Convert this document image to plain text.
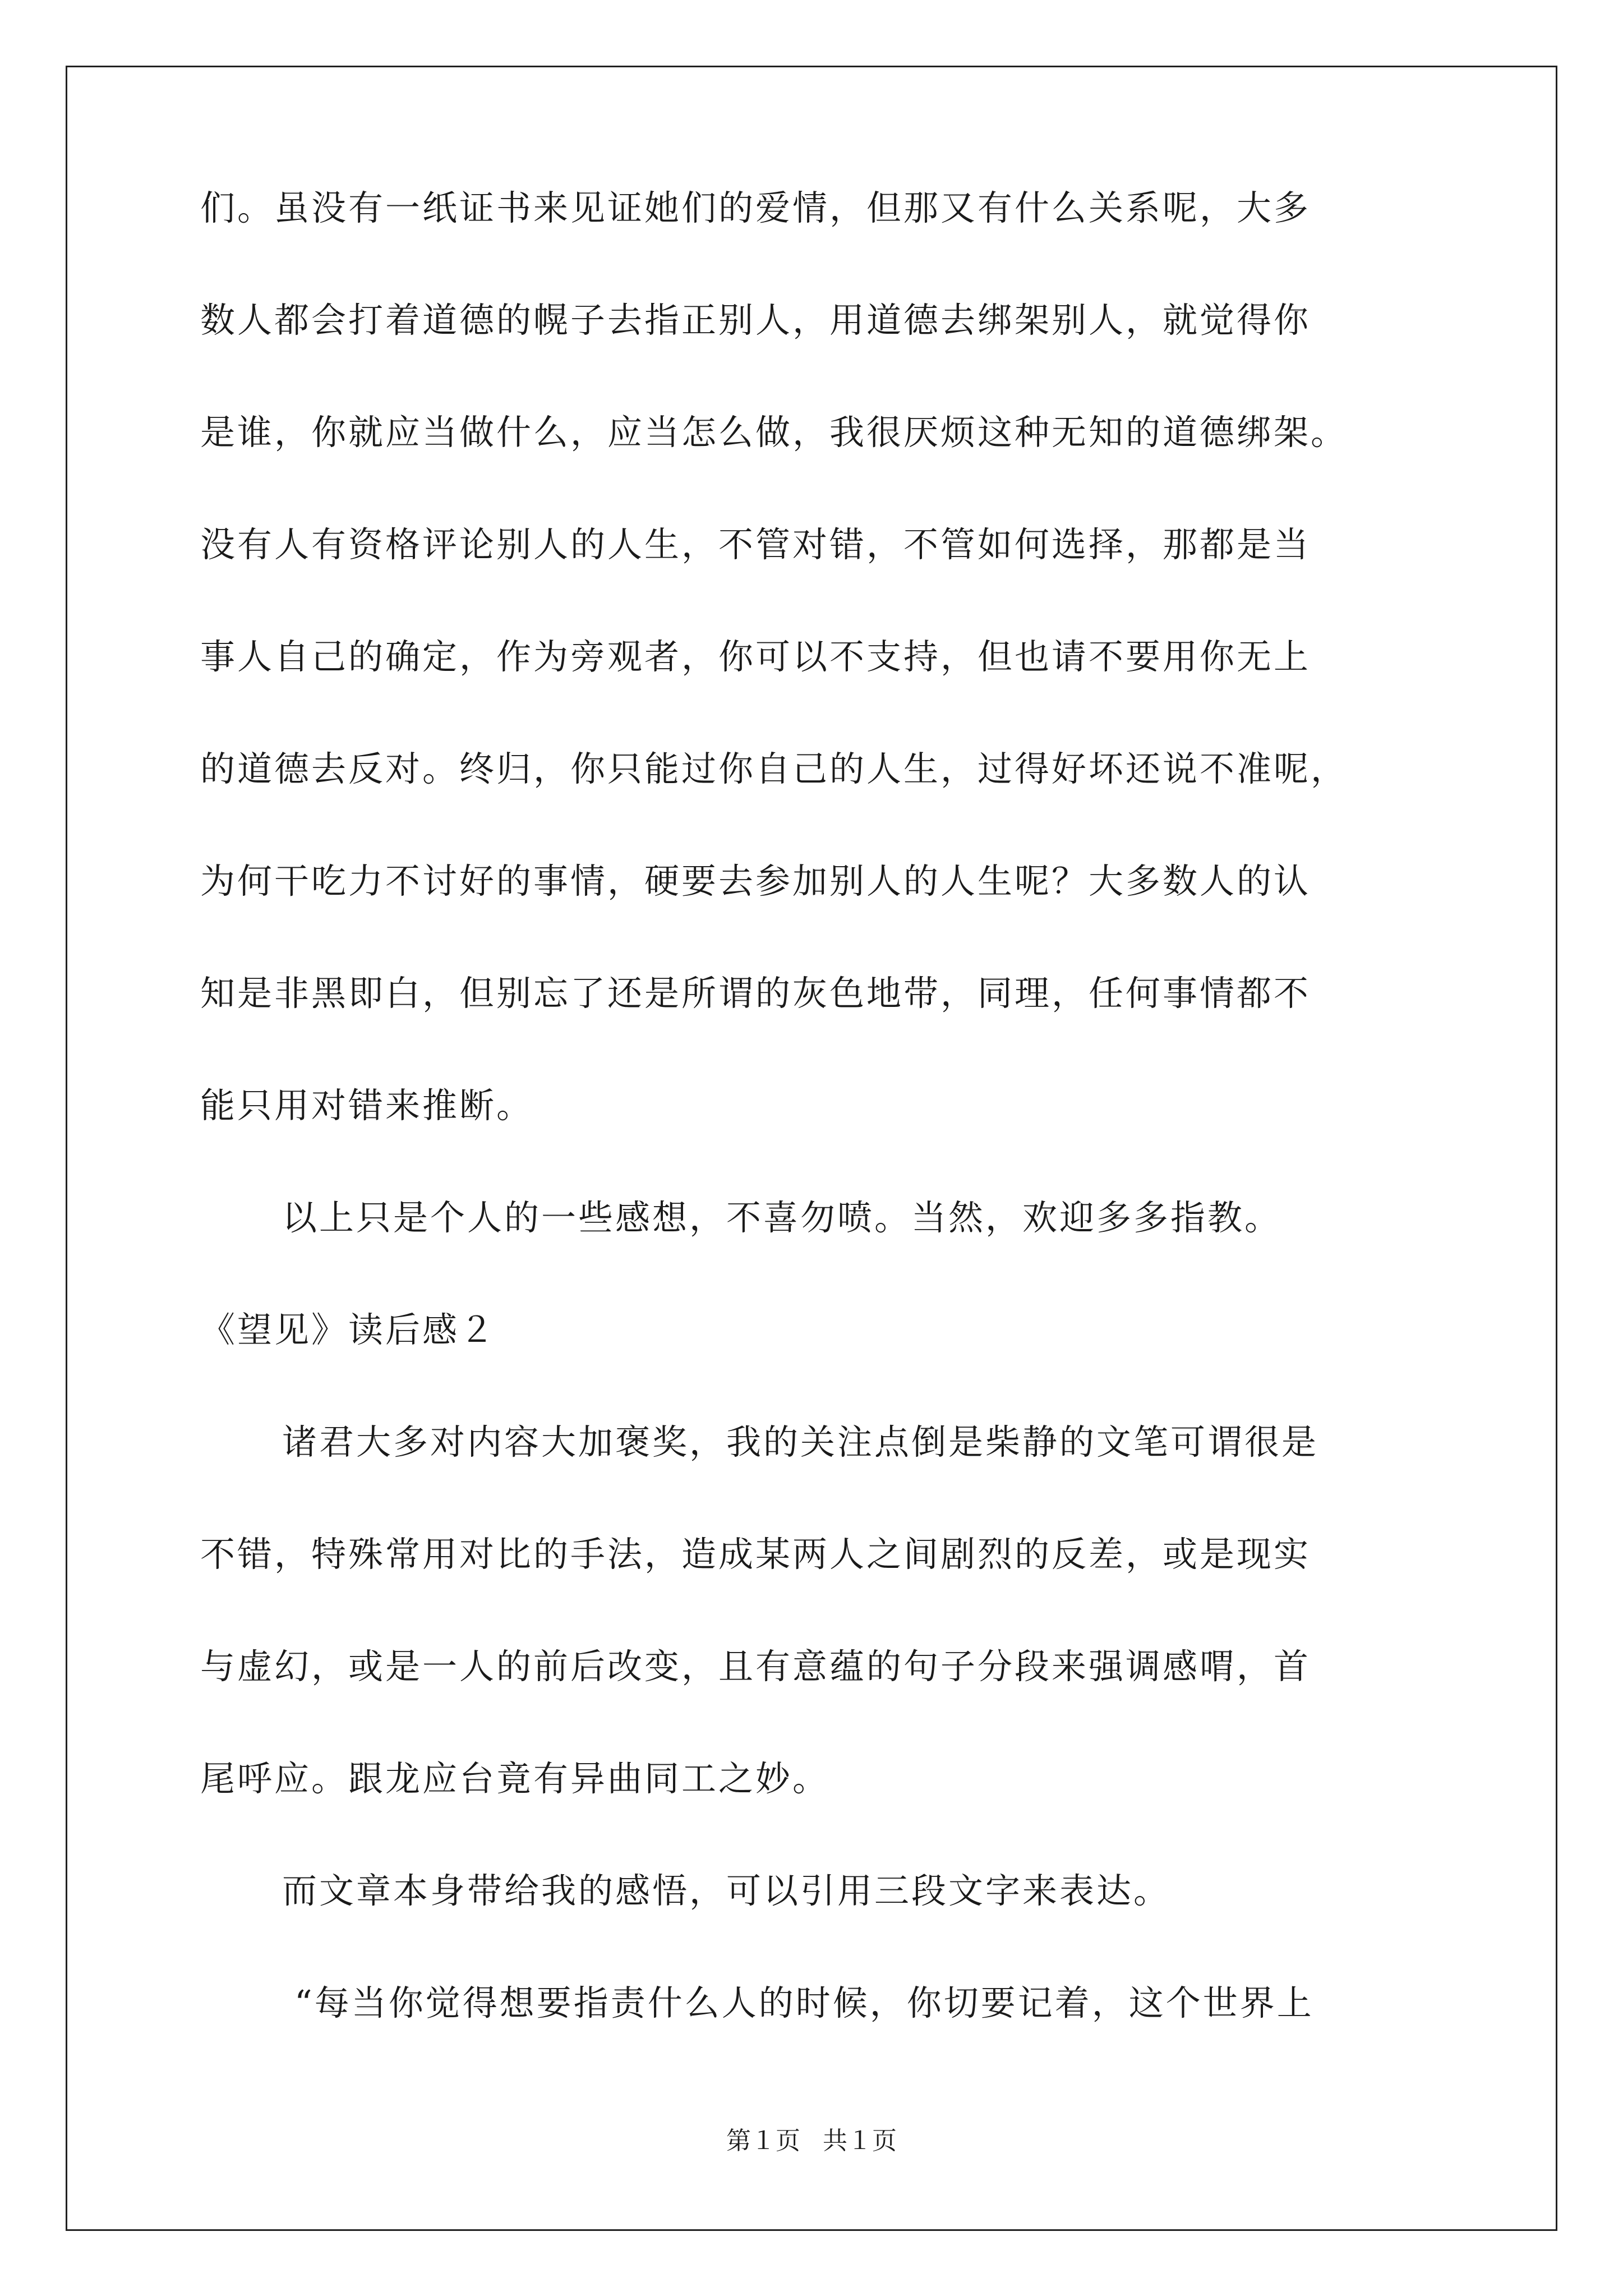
们。虽没有一纸证书来见证她们的爱情，但那又有什么关系呢，大多
数人都会打着道德的幌子去指正别人，用道德去绑架别人，就觉得你
是谁，你就应当做什么，应当怎么做，我很厌烦这种无知的道德绑架。
没有人有资格评论别人的人生，不管对错，不管如何选择，那都是当
事人自己的确定，作为旁观者，你可以不支持，但也请不要用你无上
的道德去反对。终归，你只能过你自己的人生，过得好坏还说不准呢，
为何干吃力不讨好的事情，硬要去参加别人的人生呢？大多数人的认
知是非黑即白，但别忘了还是所谓的灰色地带，同理，任何事情都不
能只用对错来推断。
以上只是个人的一些感想，不喜勿喷。当然，欢迎多多指教。
《望见》读后感２
诸君大多对内容大加褒奖，我的关注点倒是柴静的文笔可谓很是
不错，特殊常用对比的手法，造成某两人之间剧烈的反差，或是现实
与虚幻，或是一人的前后改变，且有意蕴的句子分段来强调感喟，首
尾呼应。跟龙应台竟有异曲同工之妙。
而文章本身带给我的感悟，可以引用三段文字来表达。
“每当你觉得想要指责什么人的时候，你切要记着，这个世界上
第１页 共１页
